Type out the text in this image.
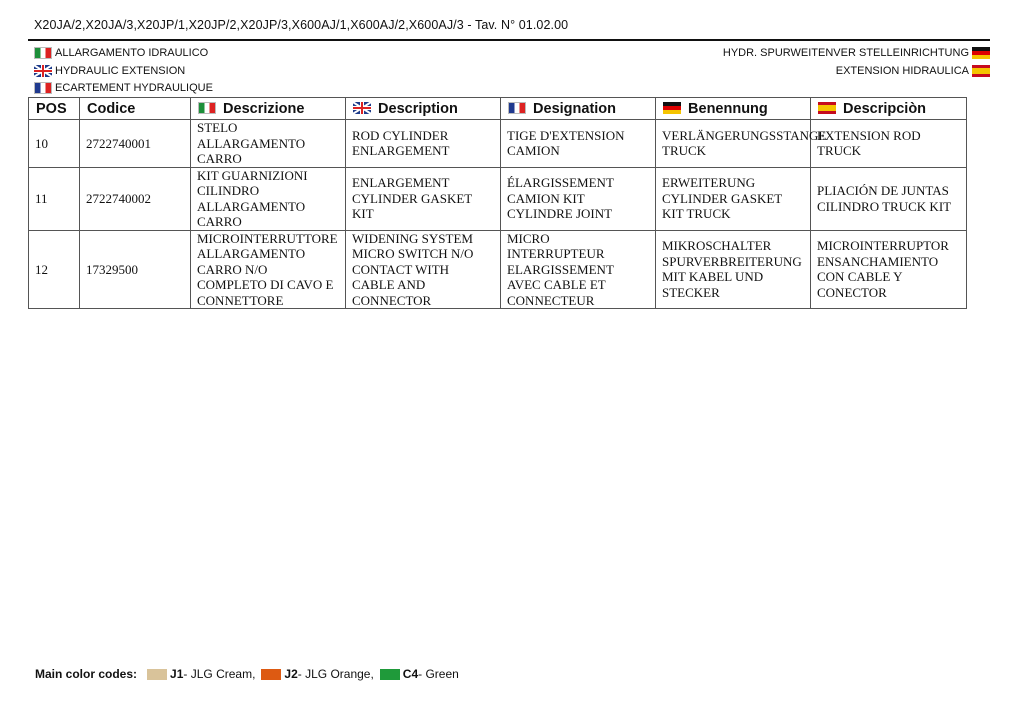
X20JA/2,X20JA/3,X20JP/1,X20JP/2,X20JP/3,X600AJ/1,X600AJ/2,X600AJ/3 - Tav. N° 01.02.00
ALLARGAMENTO IDRAULICO
HYDRAULIC EXTENSION
ECARTEMENT HYDRAULIQUE
HYDR. SPURWEITENVER STELLEINRICHTUNG
EXTENSION HIDRAULICA
POS	Codice	Descrizione	Description	Designation	Benennung	Descripciòn
10	2722740001	STELO ALLARGAMENTO CARRO	ROD CYLINDER ENLARGEMENT	TIGE D'EXTENSION CAMION	VERLÄNGERUNGSSTANGE TRUCK	EXTENSION ROD TRUCK
11	2722740002	KIT GUARNIZIONI CILINDRO ALLARGAMENTO CARRO	ENLARGEMENT CYLINDER GASKET KIT	ÉLARGISSEMENT CAMION KIT CYLINDRE JOINT	ERWEITERUNG CYLINDER GASKET KIT TRUCK	PLIACIÓN DE JUNTAS CILINDRO TRUCK KIT
12	17329500	MICROINTERRUTTORE ALLARGAMENTO CARRO N/O COMPLETO DI CAVO E CONNETTORE	WIDENING SYSTEM MICRO SWITCH N/O CONTACT WITH CABLE AND CONNECTOR	MICRO INTERRUPTEUR ELARGISSEMENT AVEC CABLE ET CONNECTEUR	MIKROSCHALTER SPURVERBREITERUNG MIT KABEL UND STECKER	MICROINTERRUPTOR ENSANCHAMIENTO CON CABLE Y CONECTOR
Main color codes:	J1 - JLG Cream, J2 - JLG Orange, C4 - Green
